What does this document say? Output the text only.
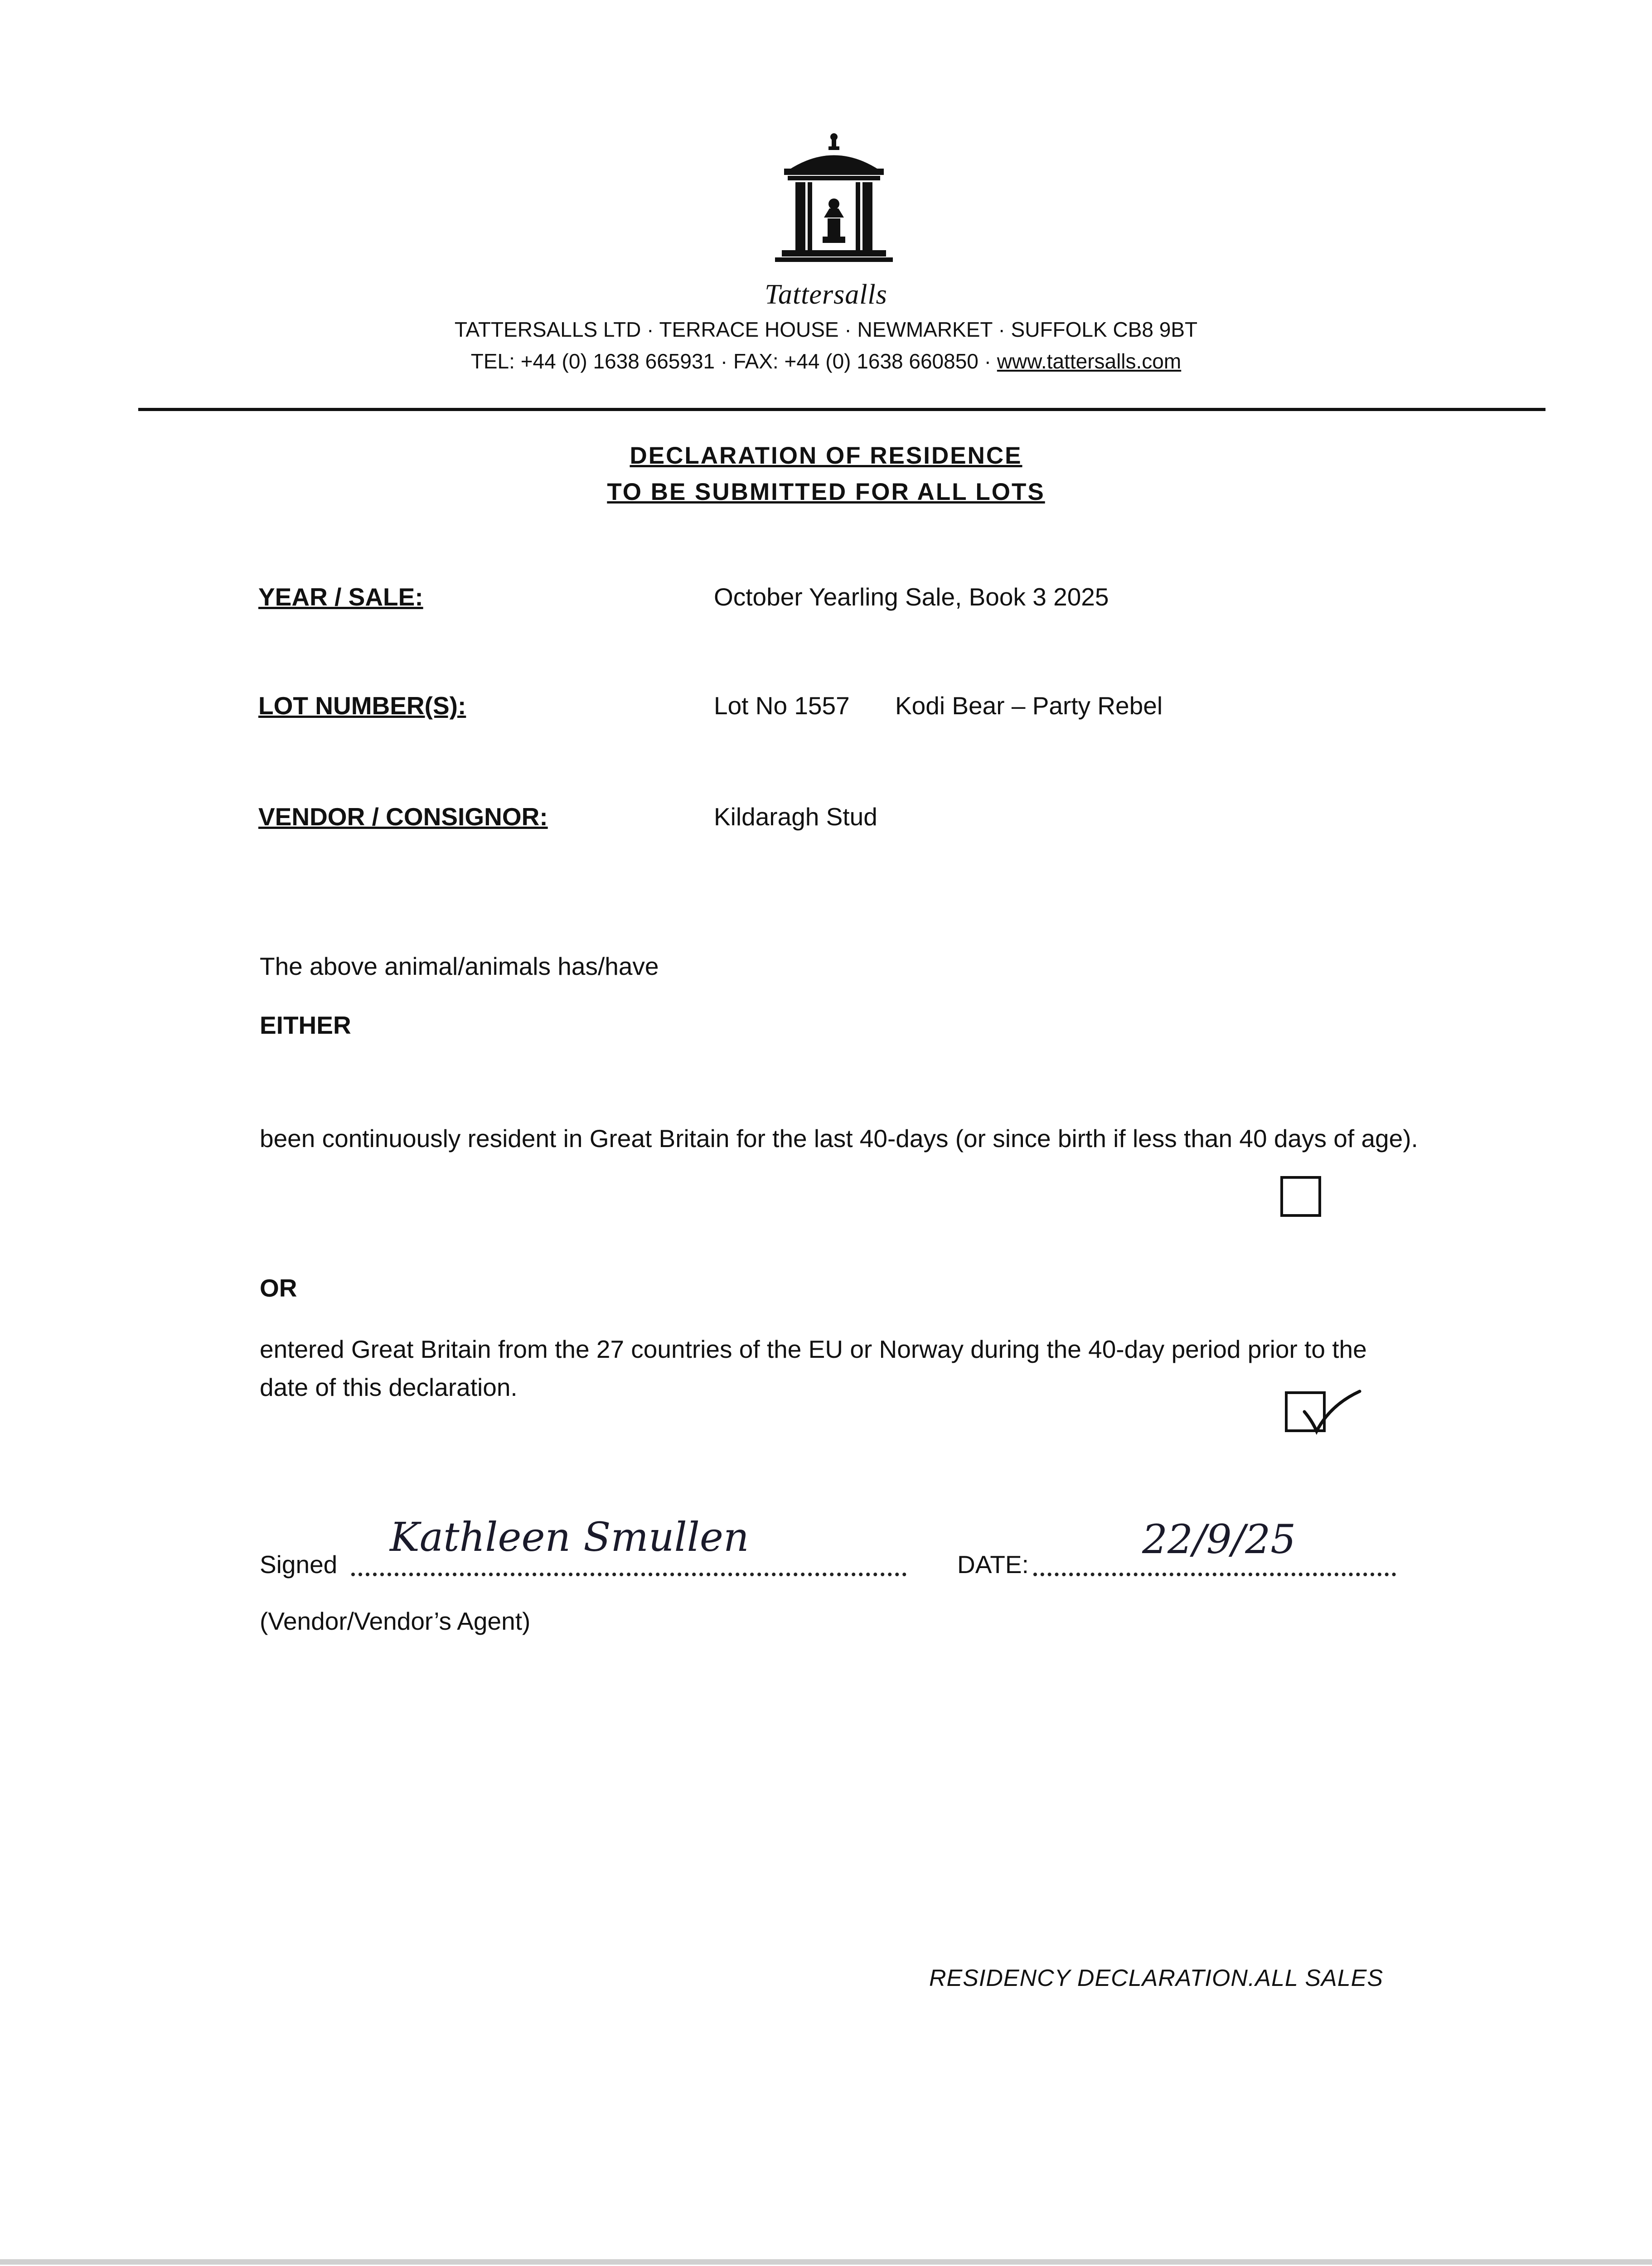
Tattersalls
TATTERSALLS LTD · TERRACE HOUSE · NEWMARKET · SUFFOLK CB8 9BT
TEL: +44 (0) 1638 665931 · FAX: +44 (0) 1638 660850 · www.tattersalls.com
DECLARATION OF RESIDENCE
TO BE SUBMITTED FOR ALL LOTS
YEAR / SALE:	October Yearling Sale, Book 3 2025
LOT NUMBER(S):	Lot No 1557 Kodi Bear – Party Rebel
VENDOR / CONSIGNOR:	Kildaragh Stud
The above animal/animals has/have
EITHER
been continuously resident in Great Britain for the last 40-days (or since birth if less than 40 days of age).
OR
entered Great Britain from the 27 countries of the EU or Norway during the 40-day period prior to the date of this declaration.
Signed
Kathleen Smullen
DATE:
22/9/25
(Vendor/Vendor’s Agent)
RESIDENCY DECLARATION.ALL SALES
